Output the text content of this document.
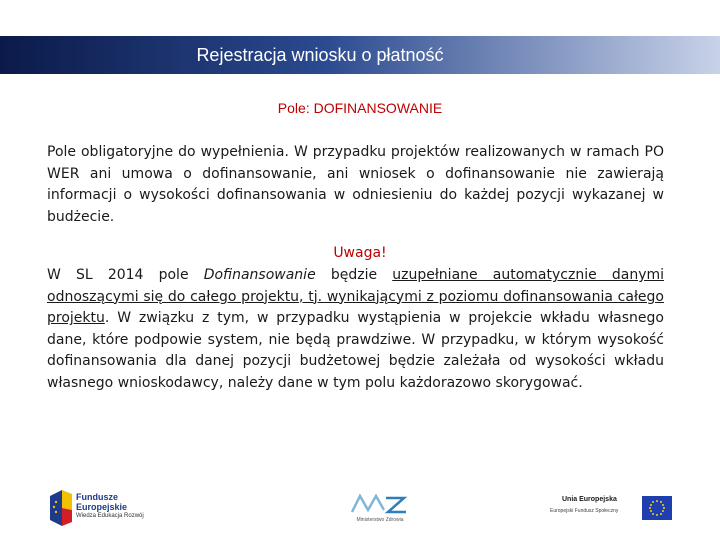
Rejestracja wniosku o płatność
Pole: DOFINANSOWANIE
Pole obligatoryjne do wypełnienia. W przypadku projektów realizowanych w ramach PO WER ani umowa o dofinansowanie, ani wniosek o dofinansowanie nie zawierają informacji o wysokości dofinansowania w odniesieniu do każdej pozycji wykazanej w budżecie.
Uwaga!
W SL 2014 pole Dofinansowanie będzie uzupełniane automatycznie danymi odnoszącymi się do całego projektu, tj. wynikającymi z poziomu dofinansowania całego projektu. W związku z tym, w przypadku wystąpienia w projekcie wkładu własnego dane, które podpowie system, nie będą prawdziwe. W przypadku, w którym wysokość dofinansowania dla danej pozycji budżetowej będzie zależała od wysokości wkładu własnego wnioskodawcy, należy dane w tym polu każdorazowo skorygować.
Fundusze
Europejskie
Wiedza Edukacja Rozwój
Ministerstwo Zdrowia
Unia Europejska
Europejski Fundusz Społeczny
